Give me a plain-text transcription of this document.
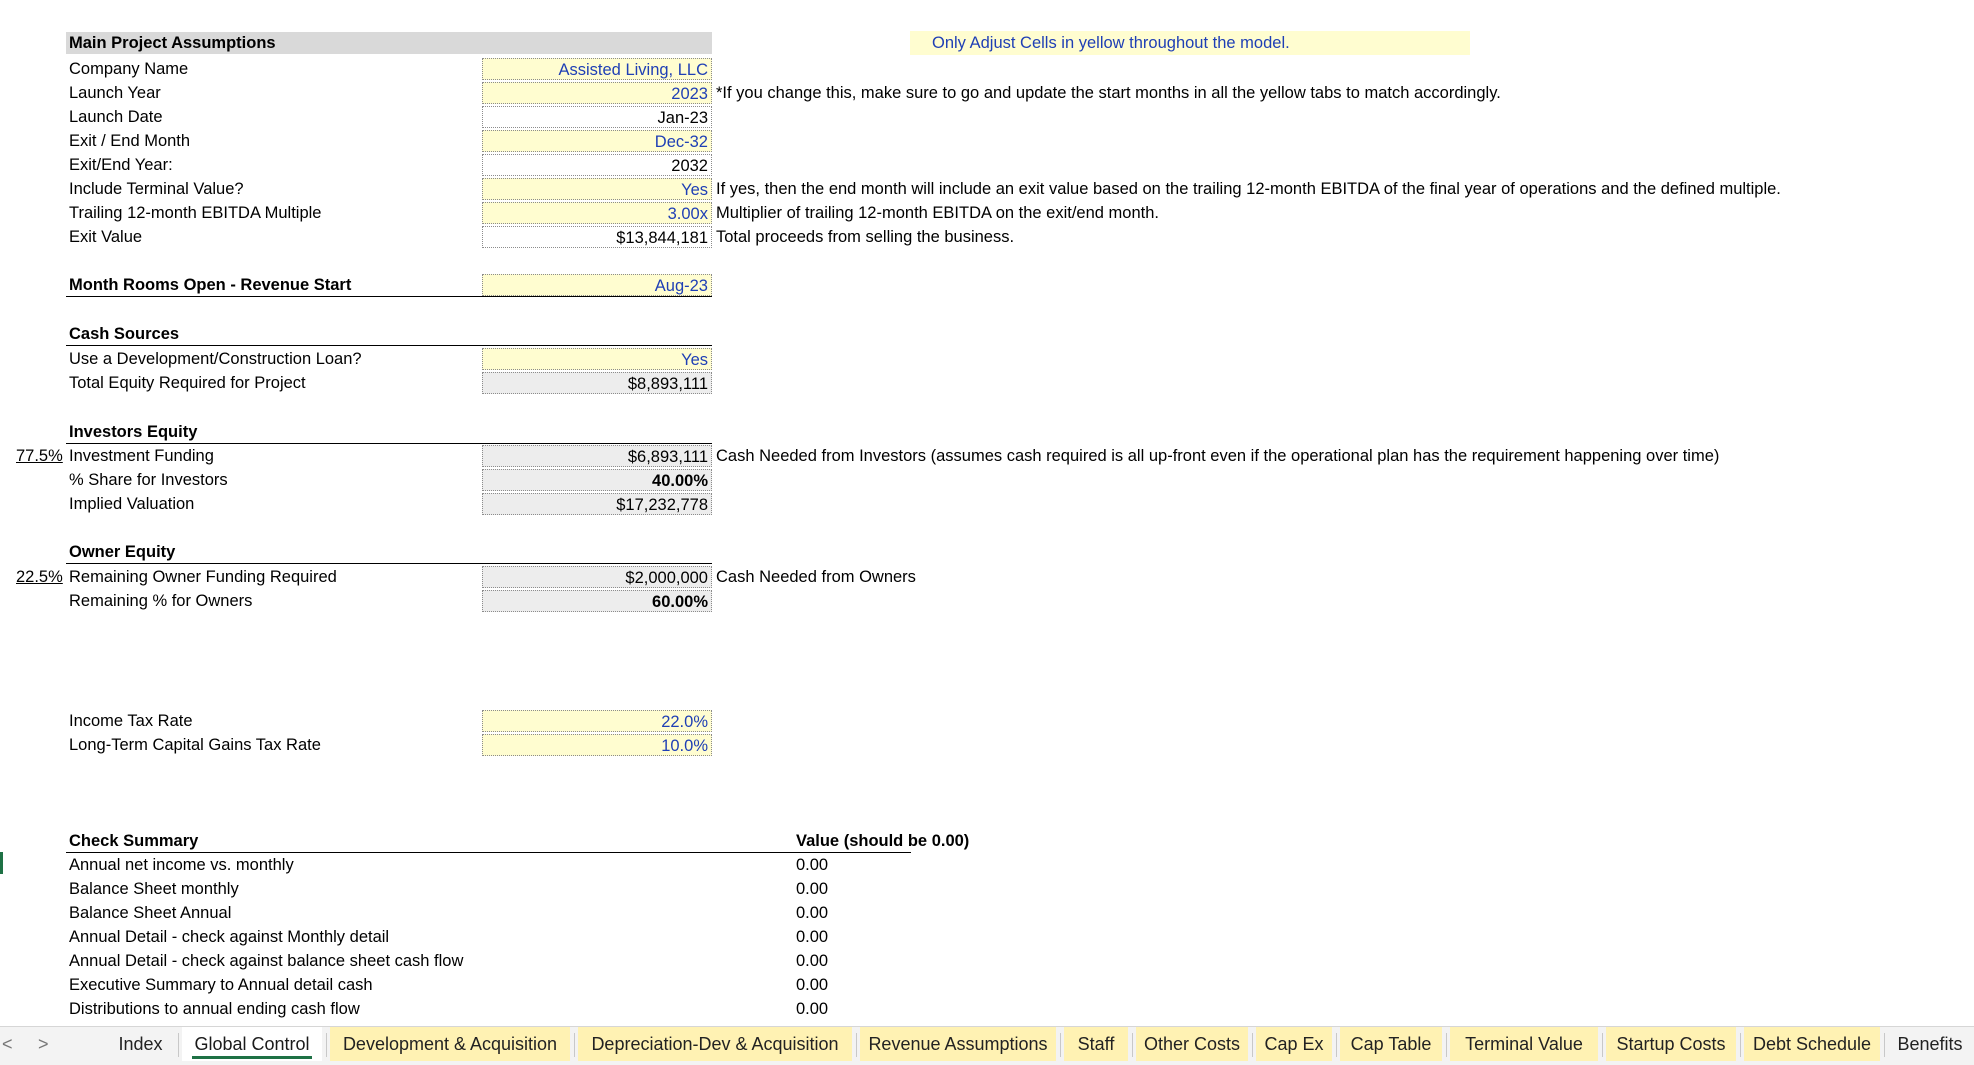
Main Project Assumptions	Only Adjust Cells in yellow throughout the model.
Company Name	Assisted Living, LLC
Launch Year	2023 *If you change this, make sure to go and update the start months in all the yellow tabs to match accordingly.
Launch Date	Jan-23
Exit / End Month	Dec-32
Exit/End Year:	2032
Include Terminal Value?	Yes If yes, then the end month will include an exit value based on the trailing 12-month EBITDA of the final year of operations and the defined multiple.
Trailing 12-month EBITDA Multiple	3.00x Multiplier of trailing 12-month EBITDA on the exit/end month.
Exit Value	$13,844,181 Total proceeds from selling the business.
Month Rooms Open - Revenue Start	Aug-23
Cash Sources
Use a Development/Construction Loan?	Yes
Total Equity Required for Project	$8,893,111
Investors Equity
77.5% Investment Funding	$6,893,111 Cash Needed from Investors (assumes cash required is all up-front even if the operational plan has the requirement happening over time)
% Share for Investors	40.00%
Implied Valuation	$17,232,778
Owner Equity
22.5% Remaining Owner Funding Required	$2,000,000 Cash Needed from Owners
Remaining % for Owners	60.00%
Income Tax Rate	22.0%
Long-Term Capital Gains Tax Rate	10.0%
Check Summary	Value (should be 0.00)
Annual net income vs. monthly	0.00
Balance Sheet monthly	0.00
Balance Sheet Annual	0.00
Annual Detail - check against Monthly detail	0.00
Annual Detail - check against balance sheet cash flow	0.00
Executive Summary to Annual detail cash	0.00
Distributions to annual ending cash flow	0.00
< >	Index	Global Control	Development & Acquisition	Depreciation-Dev & Acquisition	Revenue Assumptions	Staff	Other Costs	Cap Ex	Cap Table	Terminal Value	Startup Costs	Debt Schedule	Benefits
